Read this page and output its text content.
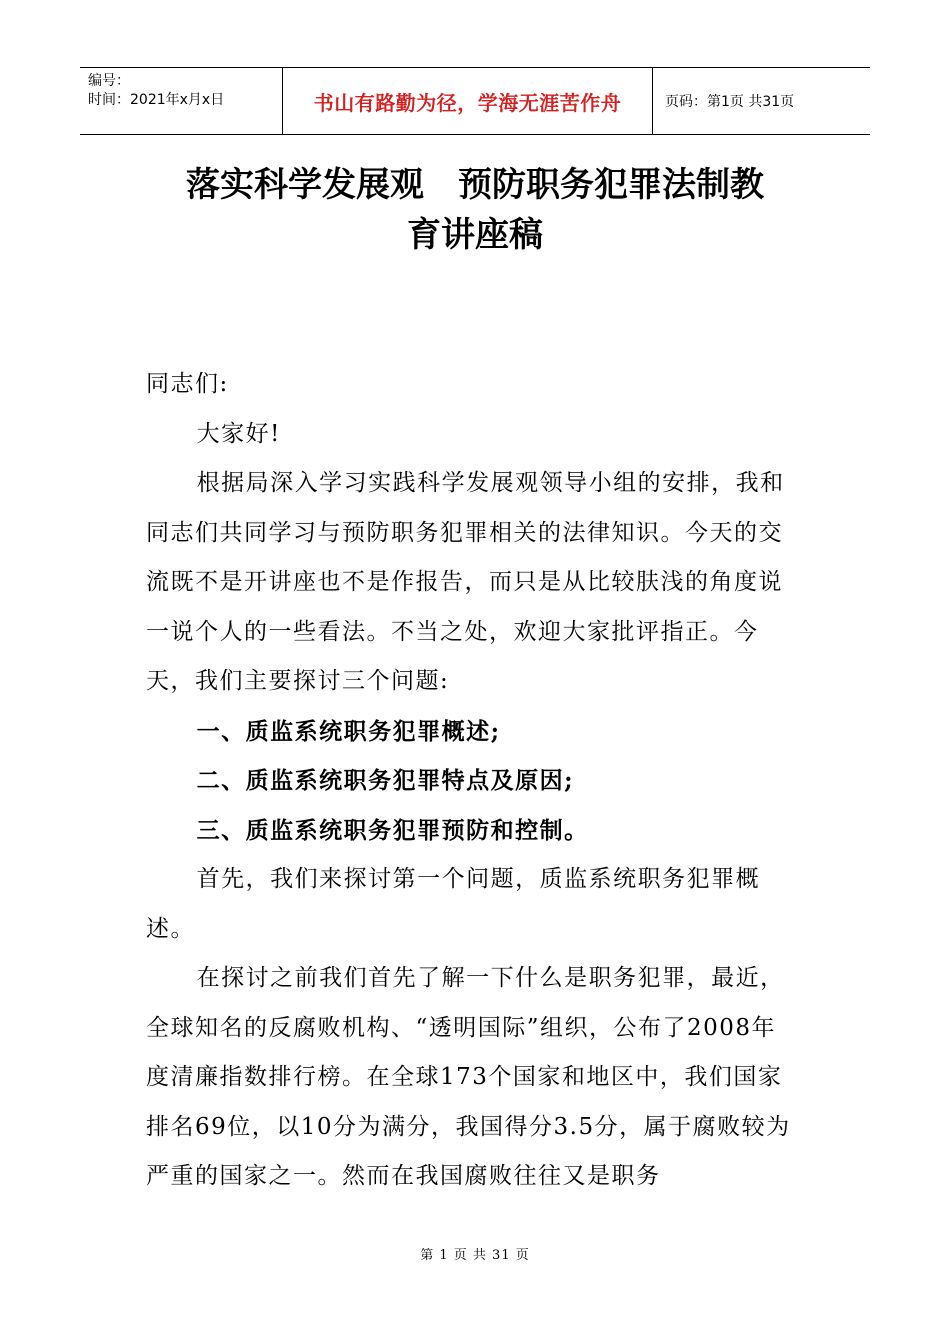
编号：
时间：2021年x月x日	书山有路勤为径，学海无涯苦作舟	页码：第1页 共31页
落实科学发展观　预防职务犯罪法制教
育讲座稿

同志们:

大家好!

根据局深入学习实践科学发展观领导小组的安排，我和同志们共同学习与预防职务犯罪相关的法律知识。今天的交流既不是开讲座也不是作报告，而只是从比较肤浅的角度说一说个人的一些看法。不当之处，欢迎大家批评指正。今天，我们主要探讨三个问题:

一、质监系统职务犯罪概述;

二、质监系统职务犯罪特点及原因;

三、质监系统职务犯罪预防和控制。

首先，我们来探讨第一个问题，质监系统职务犯罪概述。

在探讨之前我们首先了解一下什么是职务犯罪，最近，全球知名的反腐败机构、“透明国际”组织，公布了2008年度清廉指数排行榜。在全球173个国家和地区中，我们国家排名69位，以10分为满分，我国得分3.5分，属于腐败较为严重的国家之一。然而在我国腐败往往又是职务

第 1 页 共 31 页
